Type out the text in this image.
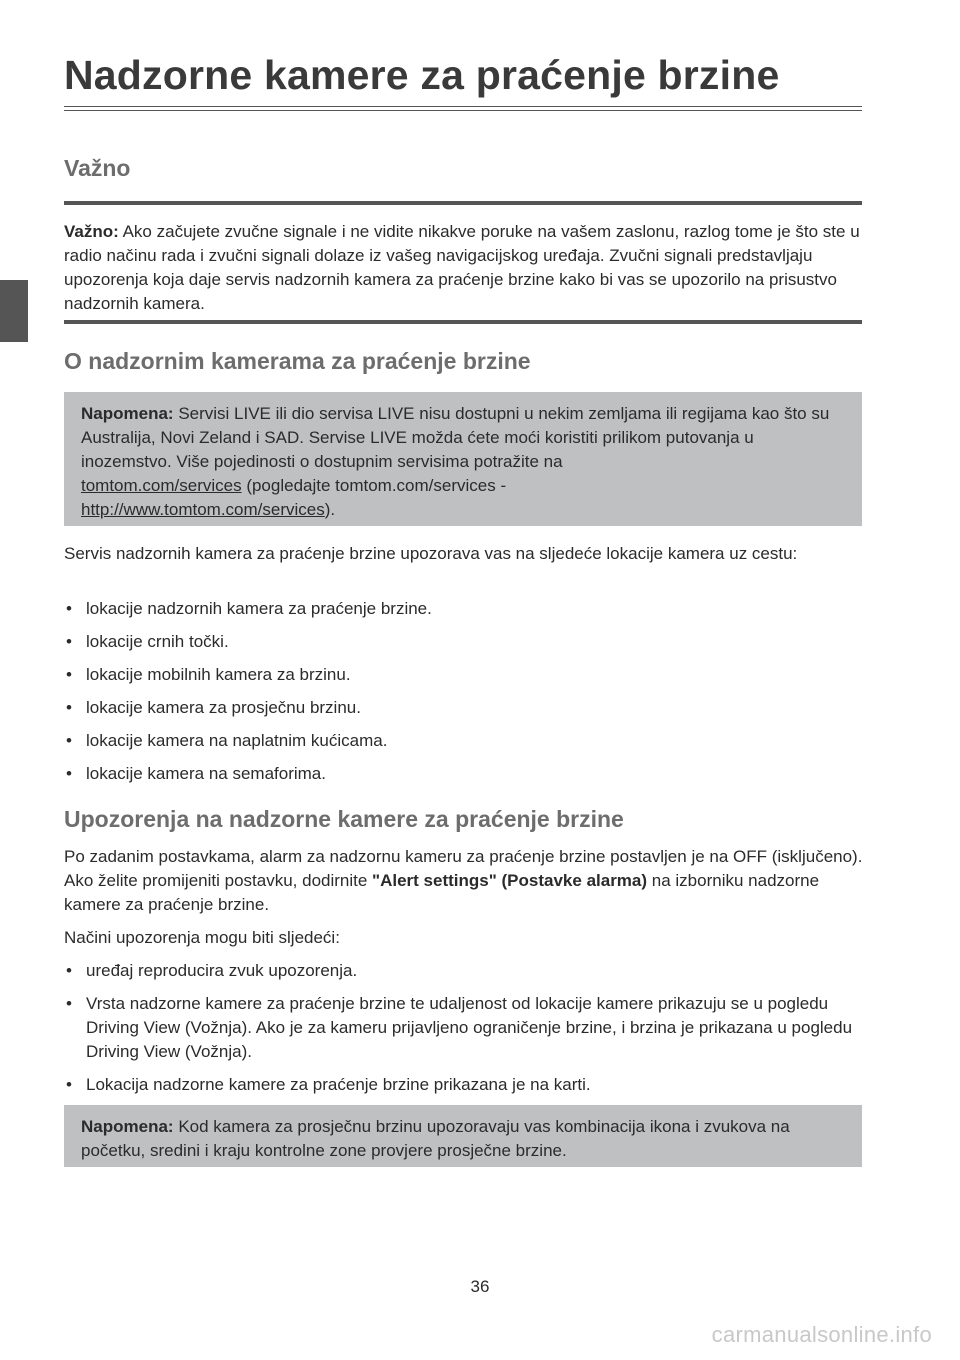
Nadzorne kamere za praćenje brzine
Važno

Važno: Ako začujete zvučne signale i ne vidite nikakve poruke na vašem zaslonu, razlog tome je što ste u radio načinu rada i zvučni signali dolaze iz vašeg navigacijskog uređaja. Zvučni signali predstavljaju upozorenja koja daje servis nadzornih kamera za praćenje brzine kako bi vas se upozorilo na prisustvo nadzornih kamera.

O nadzornim kamerama za praćenje brzine
Napomena: Servisi LIVE ili dio servisa LIVE nisu dostupni u nekim zemljama ili regijama kao što su Australija, Novi Zeland i SAD. Servise LIVE možda ćete moći koristiti prilikom putovanja u inozemstvo. Više pojedinosti o dostupnim servisima potražite na
tomtom.com/services (pogledajte tomtom.com/services -
http://www.tomtom.com/services).

Servis nadzornih kamera za praćenje brzine upozorava vas na sljedeće lokacije kamera uz cestu:

• lokacije nadzornih kamera za praćenje brzine.

• lokacije crnih točki.

• lokacije mobilnih kamera za brzinu.

• lokacije kamera za prosječnu brzinu.

• lokacije kamera na naplatnim kućicama.

• lokacije kamera na semaforima.

Upozorenja na nadzorne kamere za praćenje brzine

Po zadanim postavkama, alarm za nadzornu kameru za praćenje brzine postavljen je na OFF (isključeno). Ako želite promijeniti postavku, dodirnite "Alert settings" (Postavke alarma) na izborniku nadzorne kamere za praćenje brzine.

Načini upozorenja mogu biti sljedeći:

• uređaj reproducira zvuk upozorenja.

• Vrsta nadzorne kamere za praćenje brzine te udaljenost od lokacije kamere prikazuju se u pogledu Driving View (Vožnja). Ako je za kameru prijavljeno ograničenje brzine, i brzina je prikazana u pogledu Driving View (Vožnja).

• Lokacija nadzorne kamere za praćenje brzine prikazana je na karti.

Napomena: Kod kamera za prosječnu brzinu upozoravaju vas kombinacija ikona i zvukova na početku, sredini i kraju kontrolne zone provjere prosječne brzine.
36
carmanualsonline.info
